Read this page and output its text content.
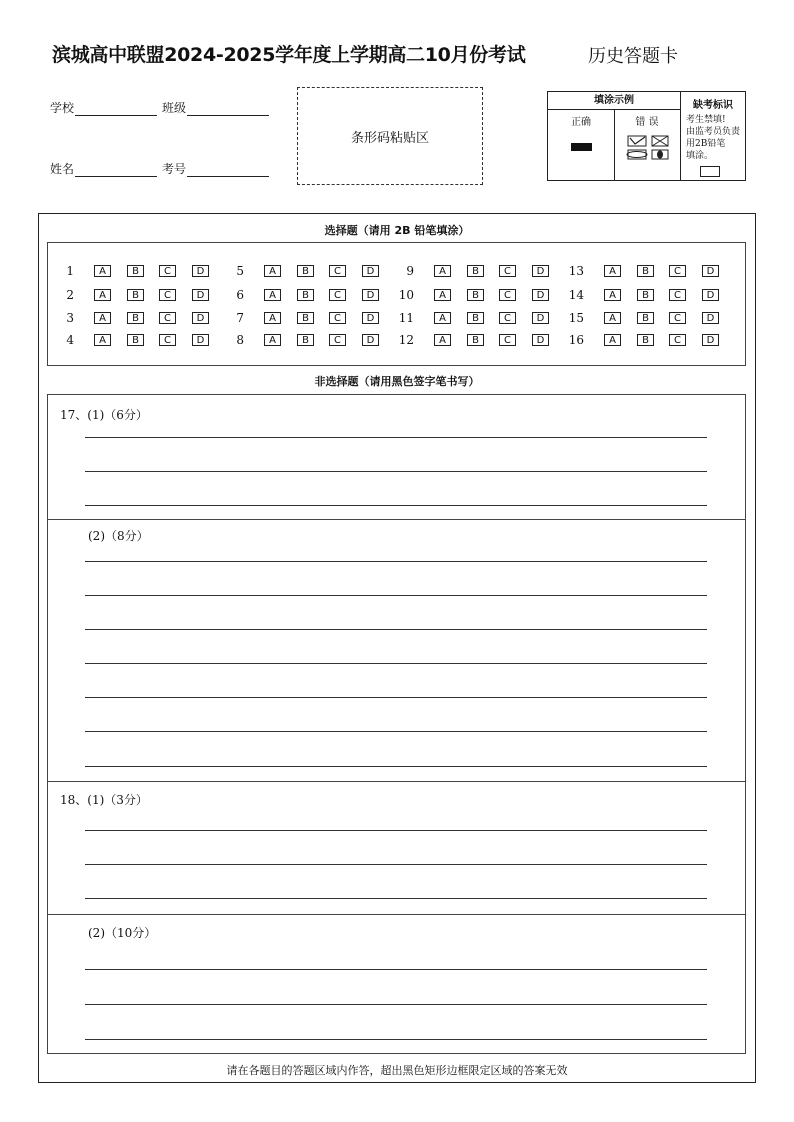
滨城高中联盟2024-2025学年度上学期高二10月份考试	历史答题卡
学校	班级
姓名	考号
条形码粘贴区
填涂示例
正确	错 误
缺考标识
考生禁填!
由监考员负责
用2B铅笔
填涂。
选择题（请用 2B 铅笔填涂）
1	A	B	C	D
2	A	B	C	D
3	A	B	C	D
4	A	B	C	D
5	A	B	C	D
6	A	B	C	D
7	A	B	C	D
8	A	B	C	D
9	A	B	C	D
10	A	B	C	D
11	A	B	C	D
12	A	B	C	D
13	A	B	C	D
14	A	B	C	D
15	A	B	C	D
16	A	B	C	D
非选择题（请用黑色签字笔书写）
17、(1)（6分）
(2)（8分）
18、(1)（3分）
(2)（10分）
请在各题目的答题区域内作答，超出黑色矩形边框限定区域的答案无效
